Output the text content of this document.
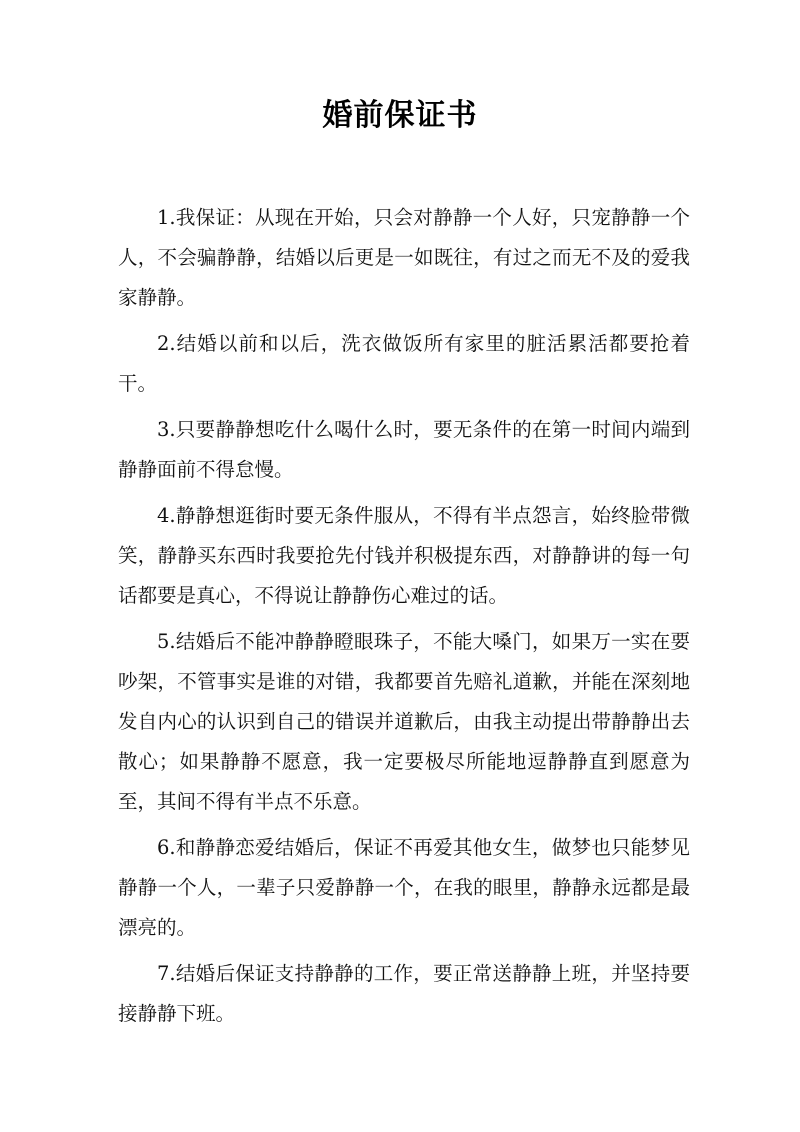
婚前保证书

1.我保证：从现在开始，只会对静静一个人好，只宠静静一个人，不会骗静静，结婚以后更是一如既往，有过之而无不及的爱我家静静。

2.结婚以前和以后，洗衣做饭所有家里的脏活累活都要抢着干。

3.只要静静想吃什么喝什么时，要无条件的在第一时间内端到静静面前不得怠慢。

4.静静想逛街时要无条件服从，不得有半点怨言，始终脸带微笑，静静买东西时我要抢先付钱并积极提东西，对静静讲的每一句话都要是真心，不得说让静静伤心难过的话。

5.结婚后不能冲静静瞪眼珠子，不能大嗓门，如果万一实在要吵架，不管事实是谁的对错，我都要首先赔礼道歉，并能在深刻地发自内心的认识到自己的错误并道歉后，由我主动提出带静静出去散心；如果静静不愿意，我一定要极尽所能地逗静静直到愿意为至，其间不得有半点不乐意。

6.和静静恋爱结婚后，保证不再爱其他女生，做梦也只能梦见静静一个人，一辈子只爱静静一个，在我的眼里，静静永远都是最漂亮的。

7.结婚后保证支持静静的工作，要正常送静静上班，并坚持要接静静下班。
